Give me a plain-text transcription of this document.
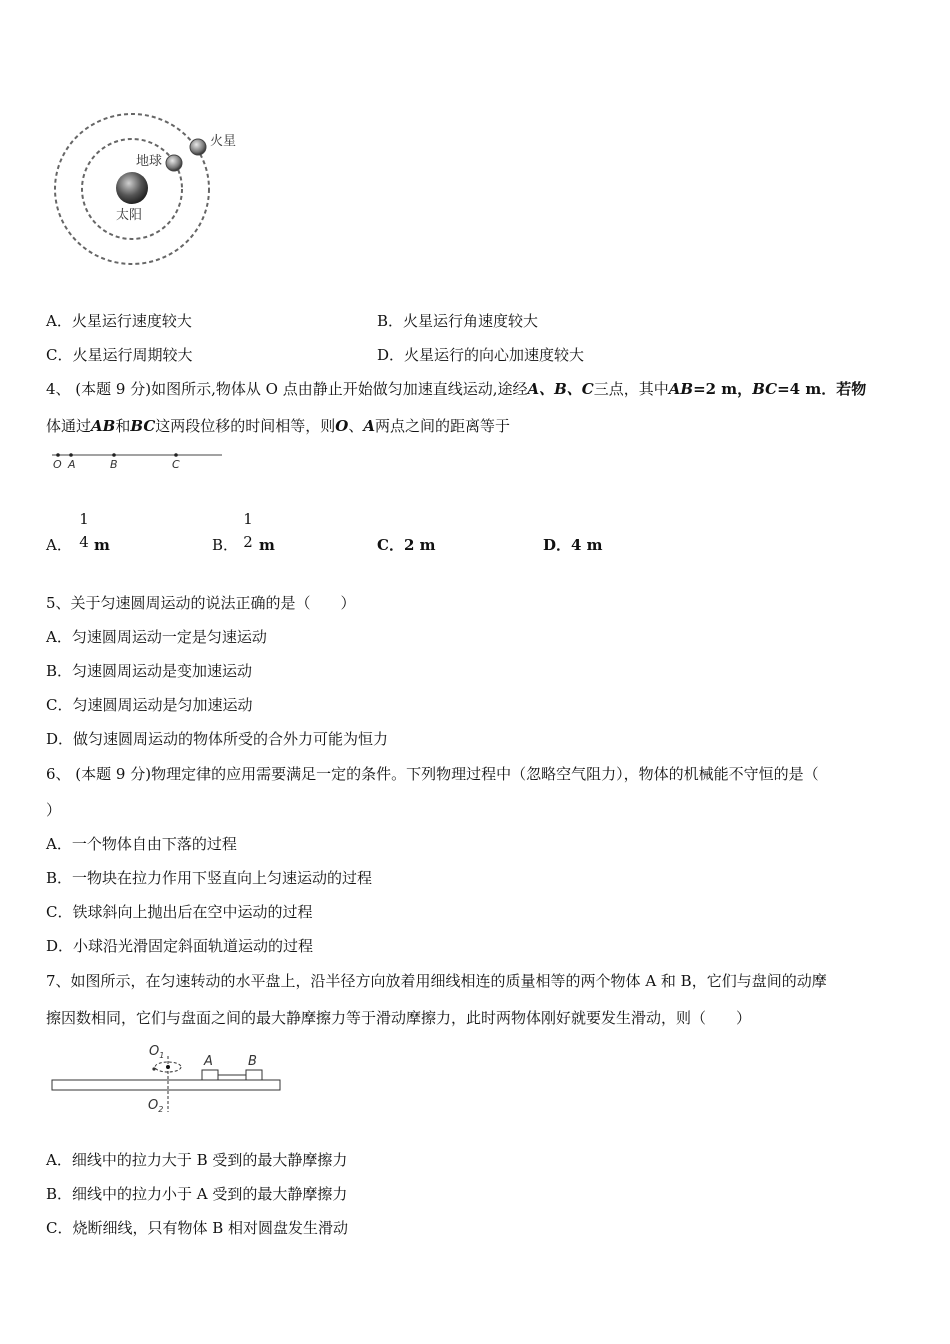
火星
地球
太阳
A．火星运行速度较大	B．火星运行角速度较大
C．火星运行周期较大	D．火星运行的向心加速度较大
4、 (本题 9 分)如图所示,物体从 O 点由静止开始做匀加速直线运动,途经A、B、C三点，其中AB=2 m，BC=4 m．若物
体通过AB和BC这两段位移的时间相等，则O、A两点之间的距离等于
O A	B	C
A．
1
4 m	B．
1
2 m	C．2 m	D．4 m
5、关于匀速圆周运动的说法正确的是（　　）
A．匀速圆周运动一定是匀速运动
B．匀速圆周运动是变加速运动
C．匀速圆周运动是匀加速运动
D．做匀速圆周运动的物体所受的合外力可能为恒力
6、 (本题 9 分)物理定律的应用需要满足一定的条件。下列物理过程中（忽略空气阻力），物体的机械能不守恒的是（
）
A．一个物体自由下落的过程
B．一物块在拉力作用下竖直向上匀速运动的过程
C．铁球斜向上抛出后在空中运动的过程
D．小球沿光滑固定斜面轨道运动的过程
7、如图所示，在匀速转动的水平盘上，沿半径方向放着用细线相连的质量相等的两个物体 A 和 B，它们与盘间的动摩
擦因数相同，它们与盘面之间的最大静摩擦力等于滑动摩擦力，此时两物体刚好就要发生滑动，则（　　）
$O_1$
$O_2$
A	B
A．细线中的拉力大于 B 受到的最大静摩擦力
B．细线中的拉力小于 A 受到的最大静摩擦力
C．烧断细线，只有物体 B 相对圆盘发生滑动
